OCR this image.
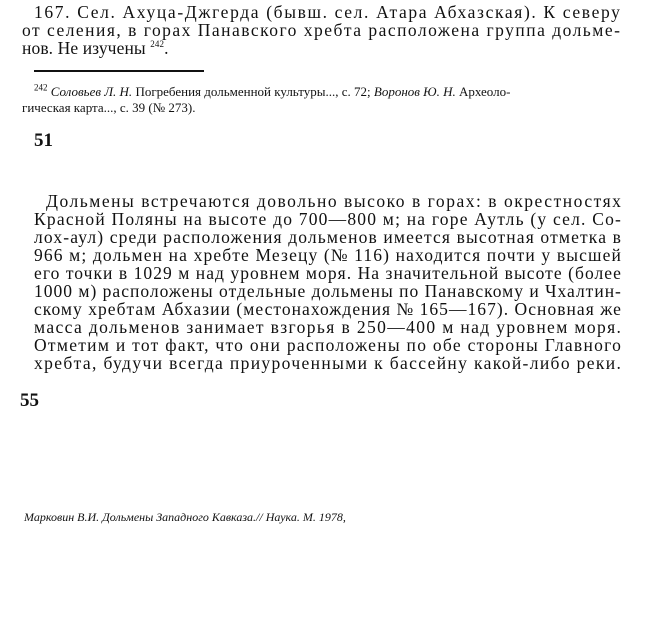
167. Сел. Ахуца-Джгерда (бывш. сел. Атара Абхазская). К северу
от селения, в горах Панавского хребта расположена группа дольме-
нов. Не изучены $^{242}$.
$^{242}$ Соловьев Л. Н. Погребения дольменной культуры..., с. 72; Воронов Ю. Н. Археоло-
гическая карта..., с. 39 (№ 273).
51
Дольмены встречаются довольно высоко в горах: в окрестностях
Красной Поляны на высоте до 700—800 м; на горе Аутль (у сел. Со-
лох-аул) среди расположения дольменов имеется высотная отметка в
966 м; дольмен на хребте Мезецу (№ 116) находится почти у высшей
его точки в 1029 м над уровнем моря. На значительной высоте (более
1000 м) расположены отдельные дольмены по Панавскому и Чхалтин-
скому хребтам Абхазии (местонахождения № 165—167). Основная же
масса дольменов занимает взгорья в 250—400 м над уровнем моря.
Отметим и тот факт, что они расположены по обе стороны Главного
хребта, будучи всегда приуроченными к бассейну какой-либо реки.
55
Марковин В.И. Дольмены Западного Кавказа.// Наука. М. 1978,
